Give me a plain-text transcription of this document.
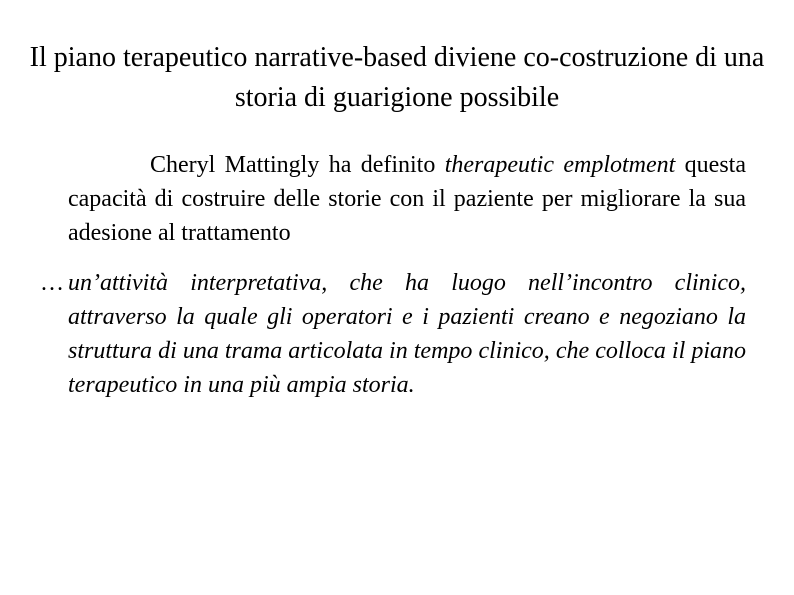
Il piano terapeutico narrative-based diviene co-costruzione di una storia di guarigione possibile

Cheryl Mattingly ha definito therapeutic emplotment questa capacità di costruire delle storie con il paziente per migliorare la sua adesione al trattamento

… un’attività interpretativa, che ha luogo nell’incontro clinico, attraverso la quale gli operatori e i pazienti creano e negoziano la struttura di una trama articolata in tempo clinico, che colloca il piano terapeutico in una più ampia storia.
